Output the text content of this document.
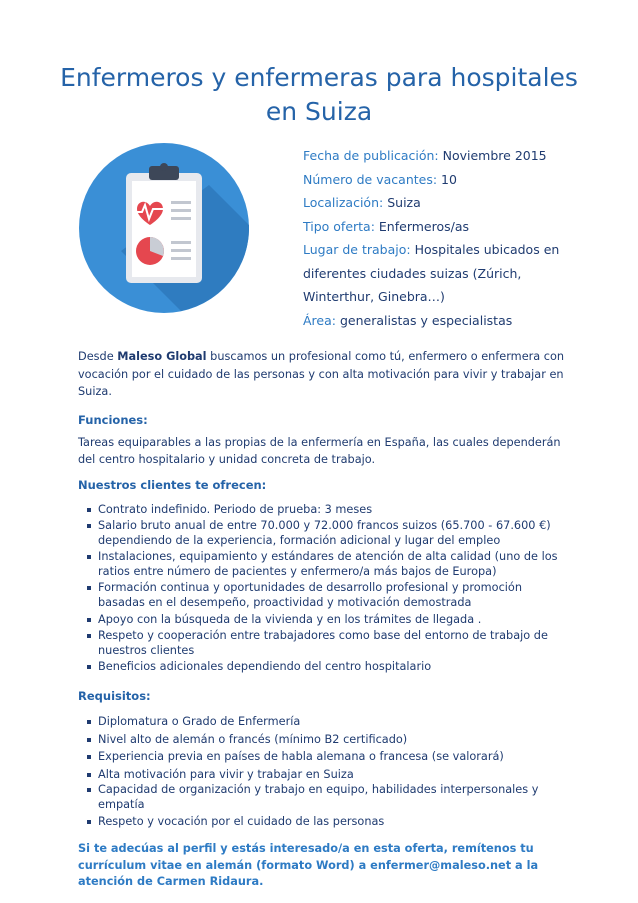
Enfermeros y enfermeras para hospitales en Suiza

Fecha de publicación: Noviembre 2015

Número de vacantes: 10

Localización: Suiza

Tipo oferta: Enfermeros/as

Lugar de trabajo: Hospitales ubicados en diferentes ciudades suizas (Zúrich, Winterthur, Ginebra…)

Área: generalistas y especialistas

Desde Maleso Global buscamos un profesional como tú, enfermero o enfermera con vocación por el cuidado de las personas y con alta motivación para vivir y trabajar en Suiza.

Funciones:

Tareas equiparables a las propias de la enfermería en España, las cuales dependerán del centro hospitalario y unidad concreta de trabajo.

Nuestros clientes te ofrecen:

Contrato indefinido. Periodo de prueba: 3 meses
Salario bruto anual de entre 70.000 y 72.000 francos suizos (65.700 - 67.600 €) dependiendo de la experiencia, formación adicional y lugar del empleo
Instalaciones, equipamiento y estándares de atención de alta calidad (uno de los ratios entre número de pacientes y enfermero/a más bajos de Europa)
Formación continua y oportunidades de desarrollo profesional y promoción basadas en el desempeño, proactividad y motivación demostrada
Apoyo con la búsqueda de la vivienda y en los trámites de llegada .
Respeto y cooperación entre trabajadores como base del entorno de trabajo de nuestros clientes
Beneficios adicionales dependiendo del centro hospitalario

Requisitos:

Diplomatura o Grado de Enfermería
Nivel alto de alemán o francés (mínimo B2 certificado)
Experiencia previa en países de habla alemana o francesa (se valorará)
Alta motivación para vivir y trabajar en Suiza
Capacidad de organización y trabajo en equipo, habilidades interpersonales y empatía
Respeto y vocación por el cuidado de las personas

Si te adecúas al perfil y estás interesado/a en esta oferta, remítenos tu currículum vitae en alemán (formato Word) a enfermer@maleso.net a la atención de Carmen Ridaura.
